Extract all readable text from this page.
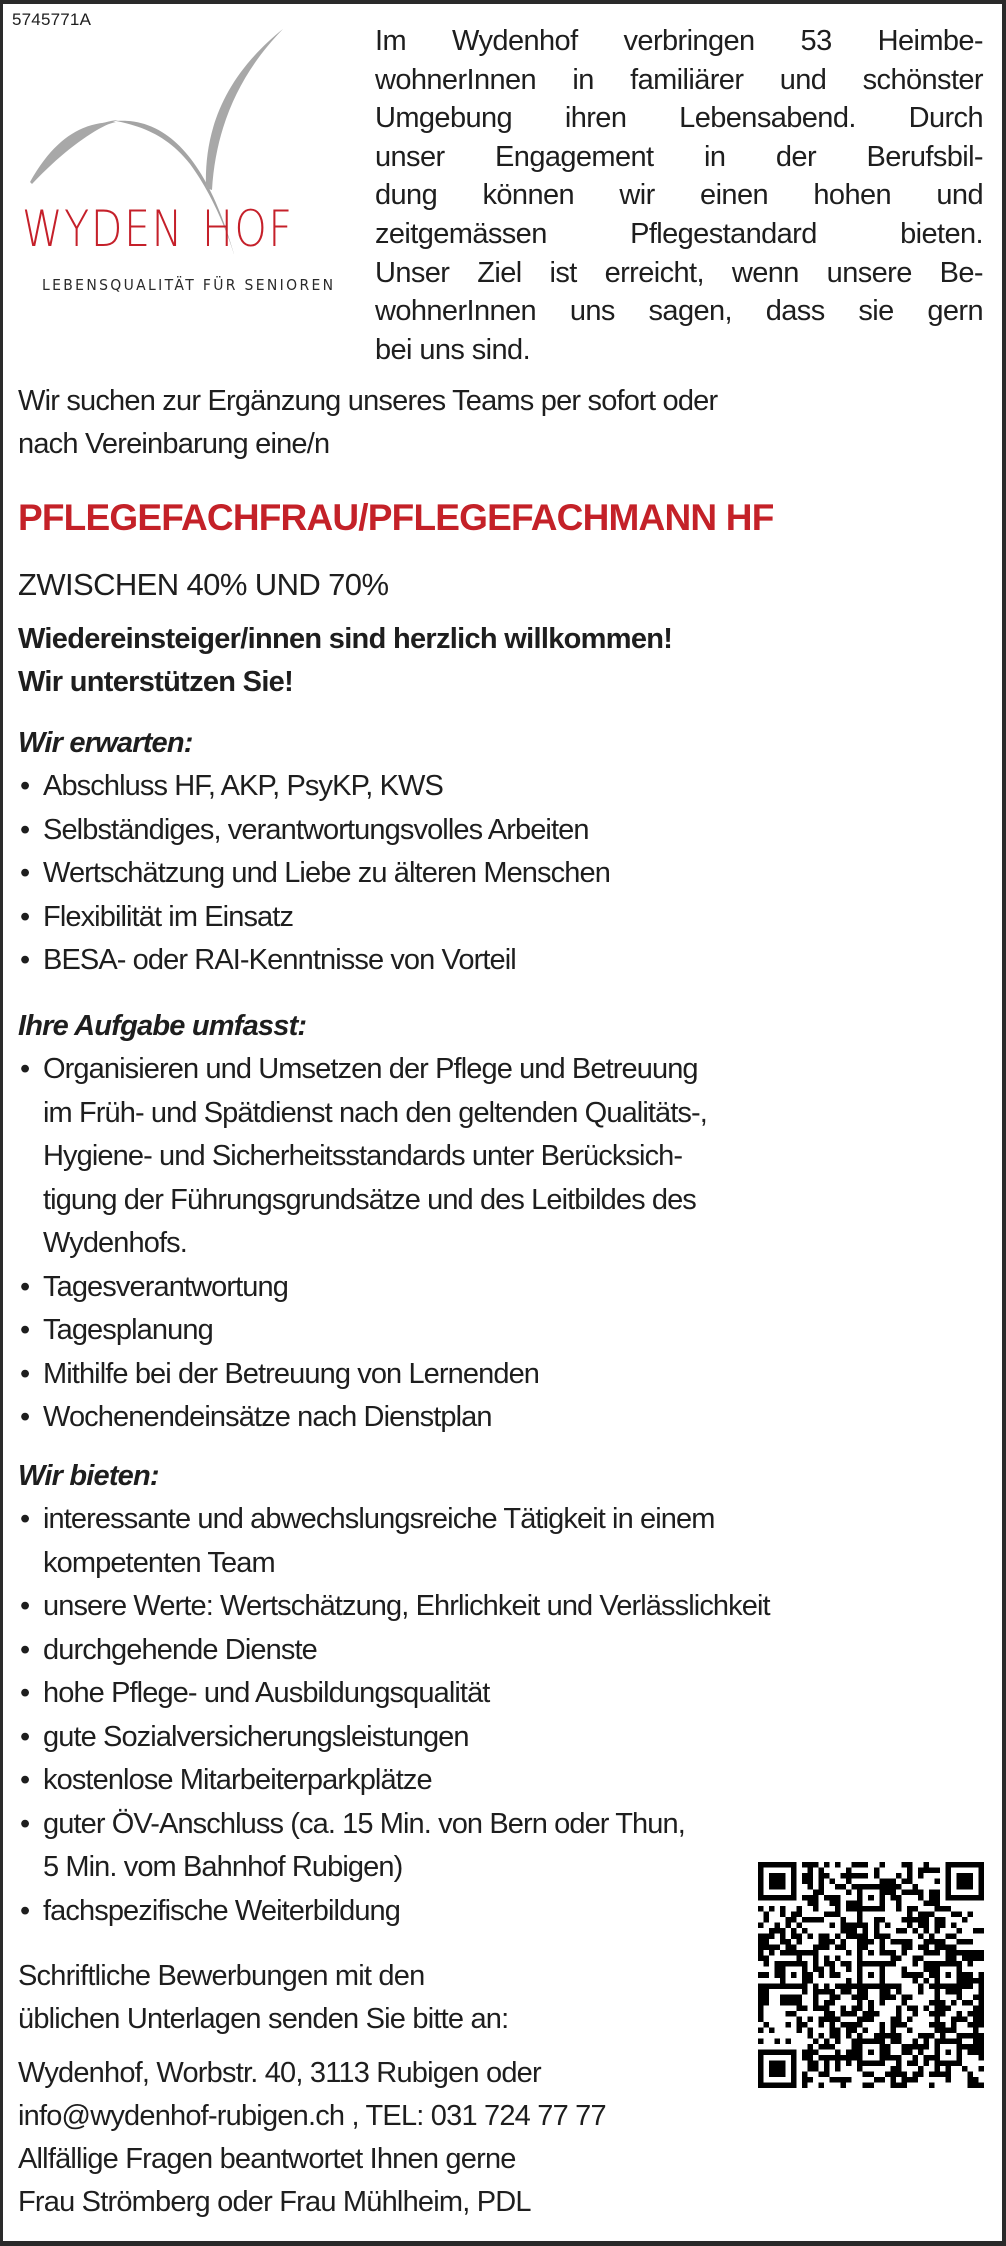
5745771A
WYDEN HOF
LEBENSQUALITÄT FÜR SENIOREN
Im Wydenhof verbringen 53 Heimbe-
wohnerInnen in familiärer und schönster
Umgebung ihren Lebensabend. Durch
unser Engagement in der Berufsbil-
dung können wir einen hohen und
zeitgemässen Pflegestandard bieten.
Unser Ziel ist erreicht, wenn unsere Be-
wohnerInnen uns sagen, dass sie gern
bei uns sind.
Wir suchen zur Ergänzung unseres Teams per sofort oder
nach Vereinbarung eine/n
PFLEGEFACHFRAU/PFLEGEFACHMANN HF
ZWISCHEN 40% UND 70%
Wiedereinsteiger/innen sind herzlich willkommen!
Wir unterstützen Sie!
Wir erwarten:
• Abschluss HF, AKP, PsyKP, KWS
• Selbständiges, verantwortungsvolles Arbeiten
• Wertschätzung und Liebe zu älteren Menschen
• Flexibilität im Einsatz
• BESA- oder RAI-Kenntnisse von Vorteil
Ihre Aufgabe umfasst:
• Organisieren und Umsetzen der Pflege und Betreuung
im Früh- und Spätdienst nach den geltenden Qualitäts-,
Hygiene- und Sicherheitsstandards unter Berücksich-
tigung der Führungsgrundsätze und des Leitbildes des
Wydenhofs.
• Tagesverantwortung
• Tagesplanung
• Mithilfe bei der Betreuung von Lernenden
• Wochenendeinsätze nach Dienstplan
Wir bieten:
• interessante und abwechslungsreiche Tätigkeit in einem
kompetenten Team
• unsere Werte: Wertschätzung, Ehrlichkeit und Verlässlichkeit
• durchgehende Dienste
• hohe Pflege- und Ausbildungsqualität
• gute Sozialversicherungsleistungen
• kostenlose Mitarbeiterparkplätze
• guter ÖV-Anschluss (ca. 15 Min. von Bern oder Thun,
5 Min. vom Bahnhof Rubigen)
• fachspezifische Weiterbildung

Schriftliche Bewerbungen mit den

üblichen Unterlagen senden Sie bitte an:

Wydenhof, Worbstr. 40, 3113 Rubigen oder

info@wydenhof-rubigen.ch , TEL: 031 724 77 77

Allfällige Fragen beantwortet Ihnen gerne

Frau Strömberg oder Frau Mühlheim, PDL
